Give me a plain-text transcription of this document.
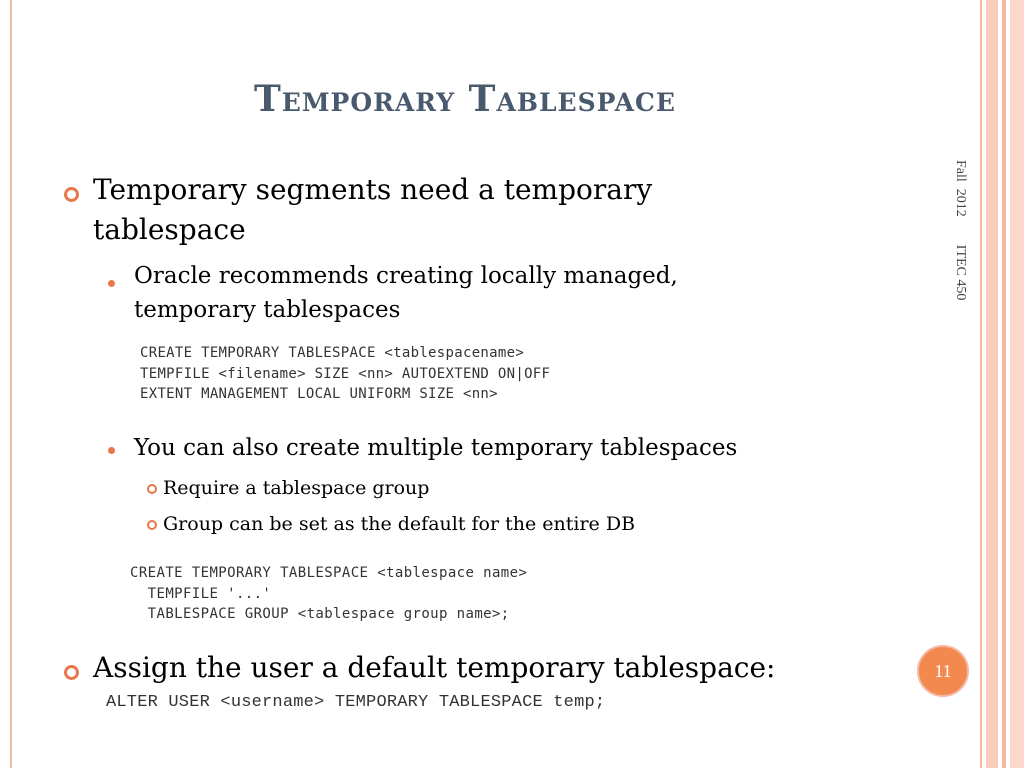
Temporary Tablespace
Temporary segments need a temporary
tablespace
Oracle recommends creating locally managed,
temporary tablespaces
CREATE TEMPORARY TABLESPACE <tablespacename>
TEMPFILE <filename> SIZE <nn> AUTOEXTEND ON|OFF
EXTENT MANAGEMENT LOCAL UNIFORM SIZE <nn>
You can also create multiple temporary tablespaces
Require a tablespace group
Group can be set as the default for the entire DB
CREATE TEMPORARY TABLESPACE <tablespace name>
TEMPFILE '...'
TABLESPACE GROUP <tablespace group name>;
Assign the user a default temporary tablespace:
ALTER USER <username> TEMPORARY TABLESPACE temp;
Fall  2012        ITEC 450
11
